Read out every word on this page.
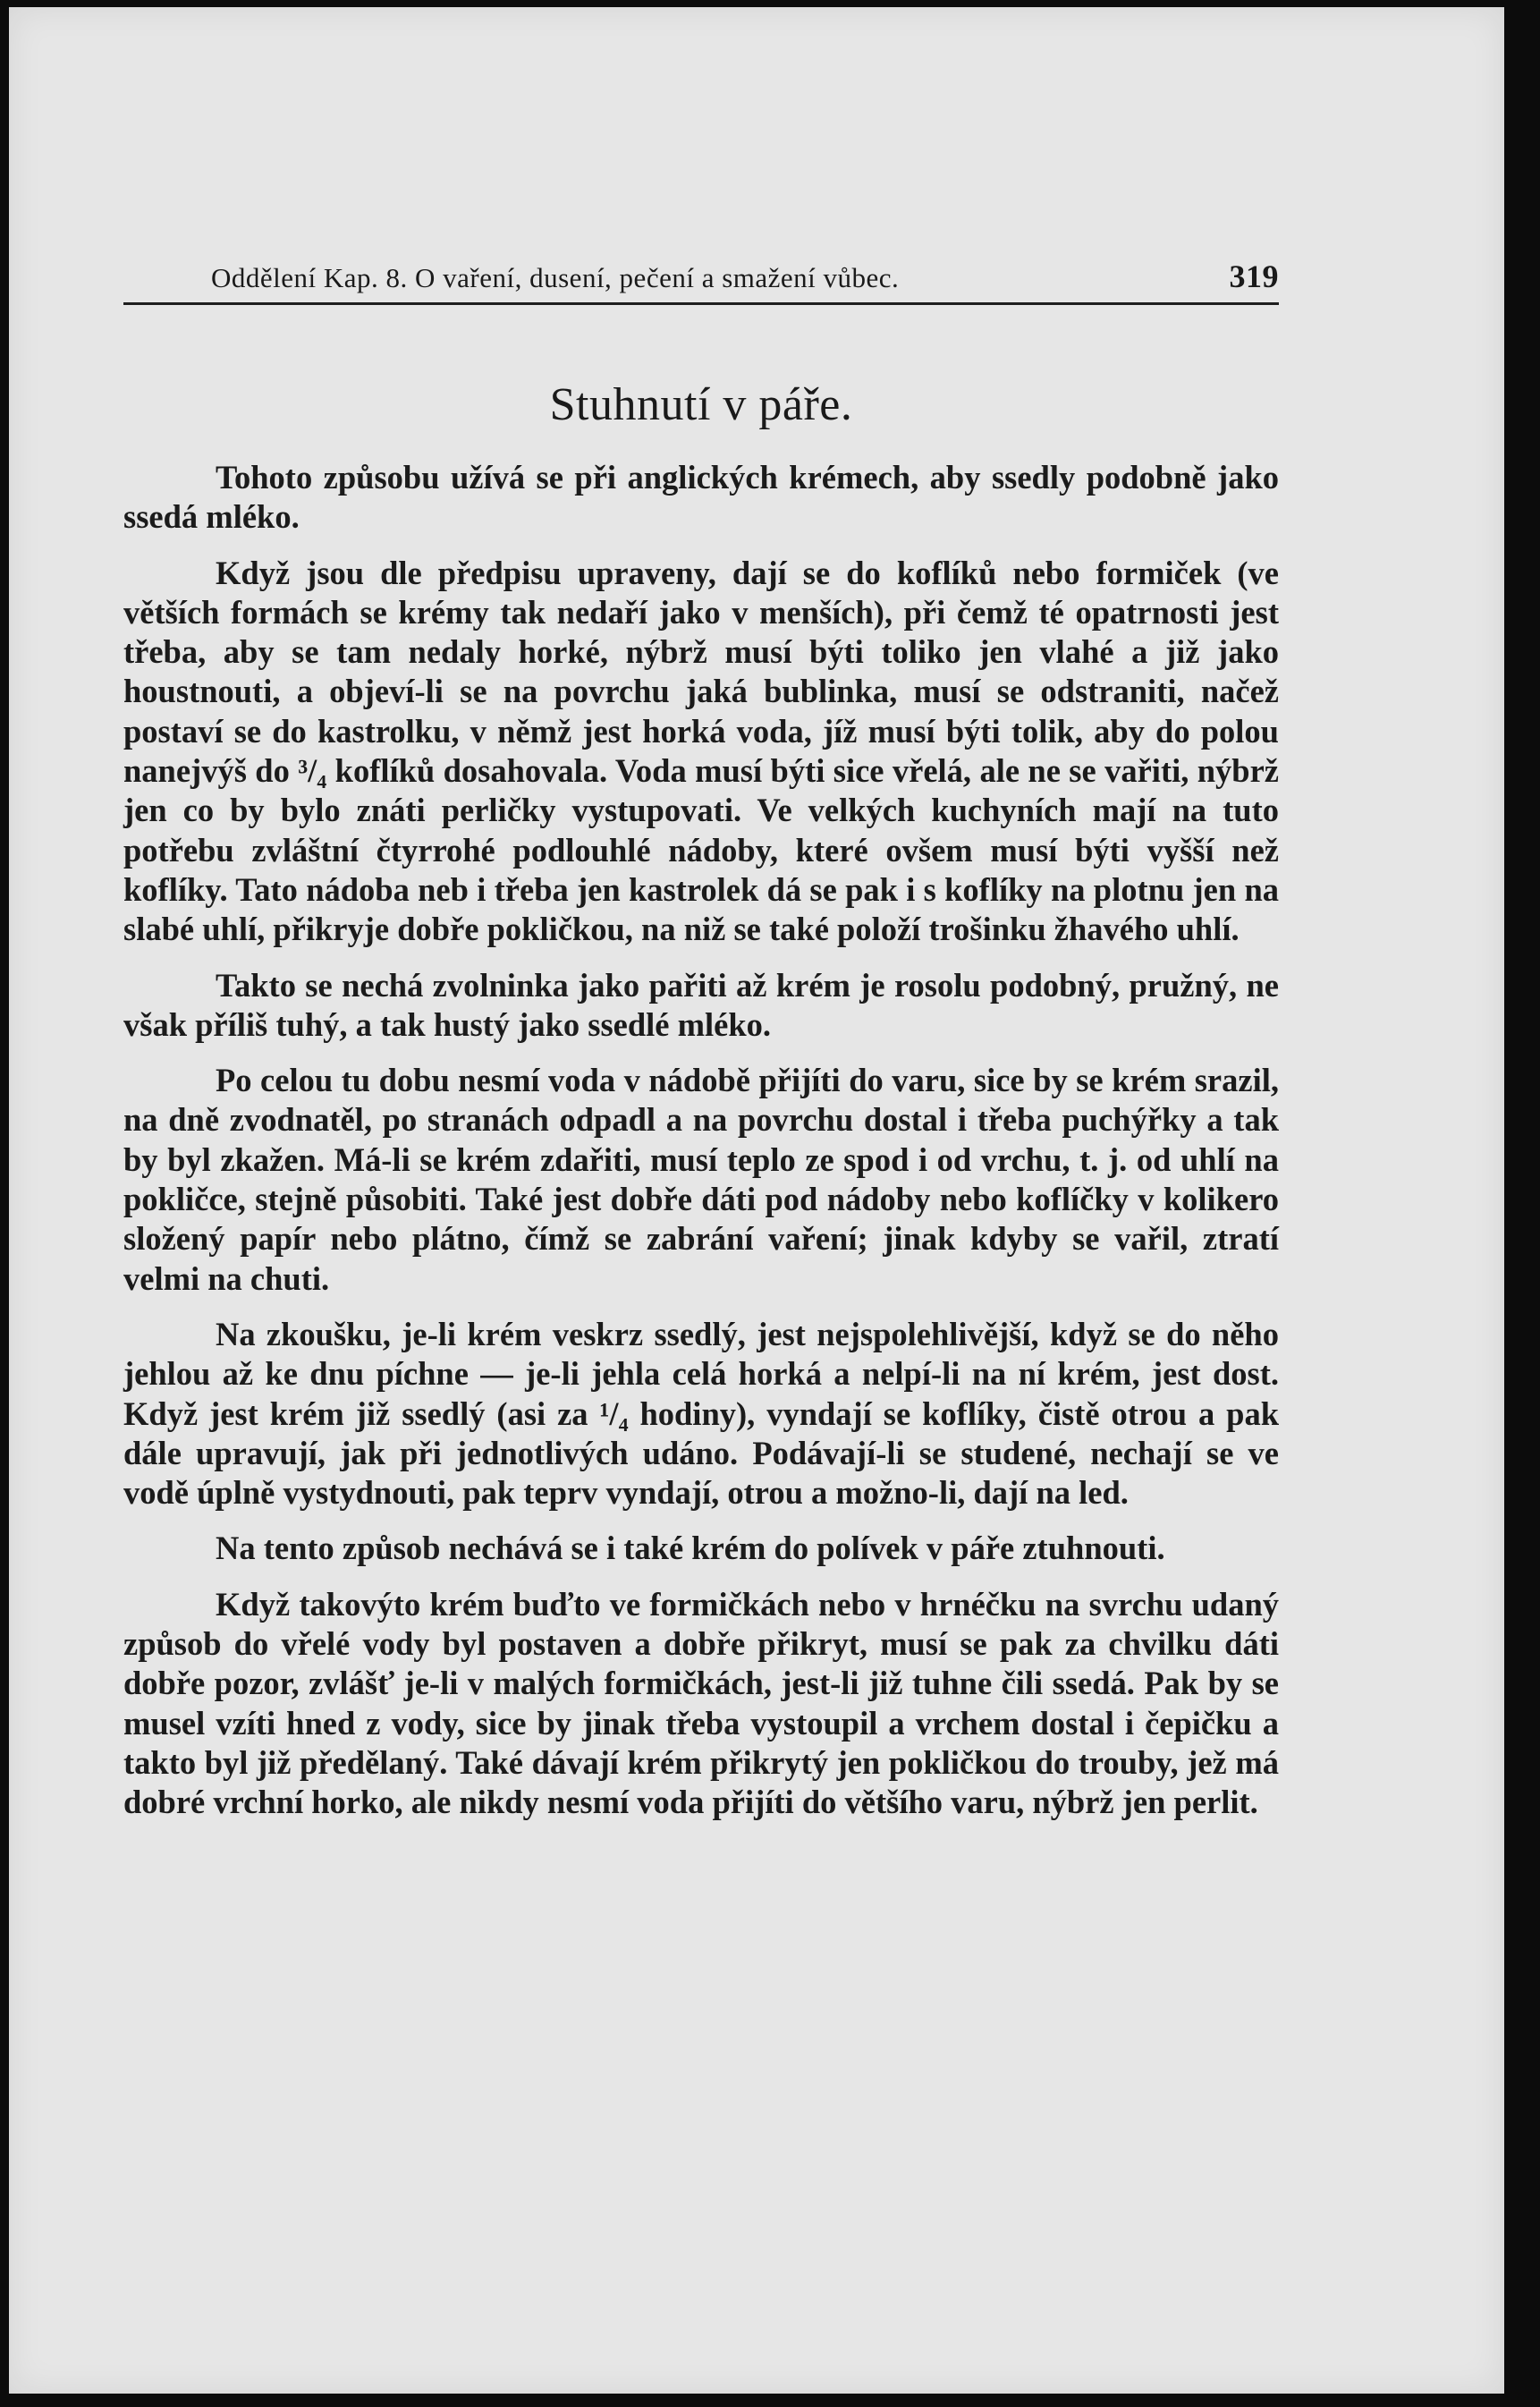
Oddělení Kap. 8. O vaření, dusení, pečení a smažení vůbec.	319
Stuhnutí v páře.

Tohoto způsobu užívá se při anglických krémech, aby ssedly podobně jako ssedá mléko.

Když jsou dle předpisu upraveny, dají se do koflíků nebo formiček (ve větších formách se krémy tak nedaří jako v menších), při čemž té opatrnosti jest třeba, aby se tam nedaly horké, nýbrž musí býti toliko jen vlahé a již jako houstnouti, a objeví-li se na povrchu jaká bublinka, musí se odstraniti, načež postaví se do kastrolku, v němž jest horká voda, jíž musí býti tolik, aby do polou nanejvýš do ³/₄ koflíků dosahovala. Voda musí býti sice vřelá, ale ne se vařiti, nýbrž jen co by bylo znáti perličky vystupovati. Ve velkých kuchyních mají na tuto potřebu zvláštní čtyrrohé podlouhlé nádoby, které ovšem musí býti vyšší než koflíky. Tato nádoba neb i třeba jen kastrolek dá se pak i s koflíky na plotnu jen na slabé uhlí, přikryje dobře pokličkou, na niž se také položí trošinku žhavého uhlí.

Takto se nechá zvolninka jako pařiti až krém je rosolu podobný, pružný, ne však příliš tuhý, a tak hustý jako ssedlé mléko.

Po celou tu dobu nesmí voda v nádobě přijíti do varu, sice by se krém srazil, na dně zvodnatěl, po stranách odpadl a na povrchu dostal i třeba puchýřky a tak by byl zkažen. Má-li se krém zdařiti, musí teplo ze spod i od vrchu, t. j. od uhlí na pokličce, stejně působiti. Také jest dobře dáti pod nádoby nebo koflíčky v kolikero složený papír nebo plátno, čímž se zabrání vaření; jinak kdyby se vařil, ztratí velmi na chuti.

Na zkoušku, je-li krém veskrz ssedlý, jest nejspolehlivější, když se do něho jehlou až ke dnu píchne — je-li jehla celá horká a nelpí-li na ní krém, jest dost. Když jest krém již ssedlý (asi za ¹/₄ hodiny), vyndají se koflíky, čistě otrou a pak dále upravují, jak při jednotlivých udáno. Podávají-li se studené, nechají se ve vodě úplně vystydnouti, pak teprv vyndají, otrou a možno-li, dají na led.

Na tento způsob nechává se i také krém do polívek v páře ztuhnouti.

Když takovýto krém buďto ve formičkách nebo v hrnéčku na svrchu udaný způsob do vřelé vody byl postaven a dobře přikryt, musí se pak za chvilku dáti dobře pozor, zvlášť je-li v malých formičkách, jest-li již tuhne čili ssedá. Pak by se musel vzíti hned z vody, sice by jinak třeba vystoupil a vrchem dostal i čepičku a takto byl již předělaný. Také dávají krém přikrytý jen pokličkou do trouby, jež má dobré vrchní horko, ale nikdy nesmí voda přijíti do většího varu, nýbrž jen perlit.
